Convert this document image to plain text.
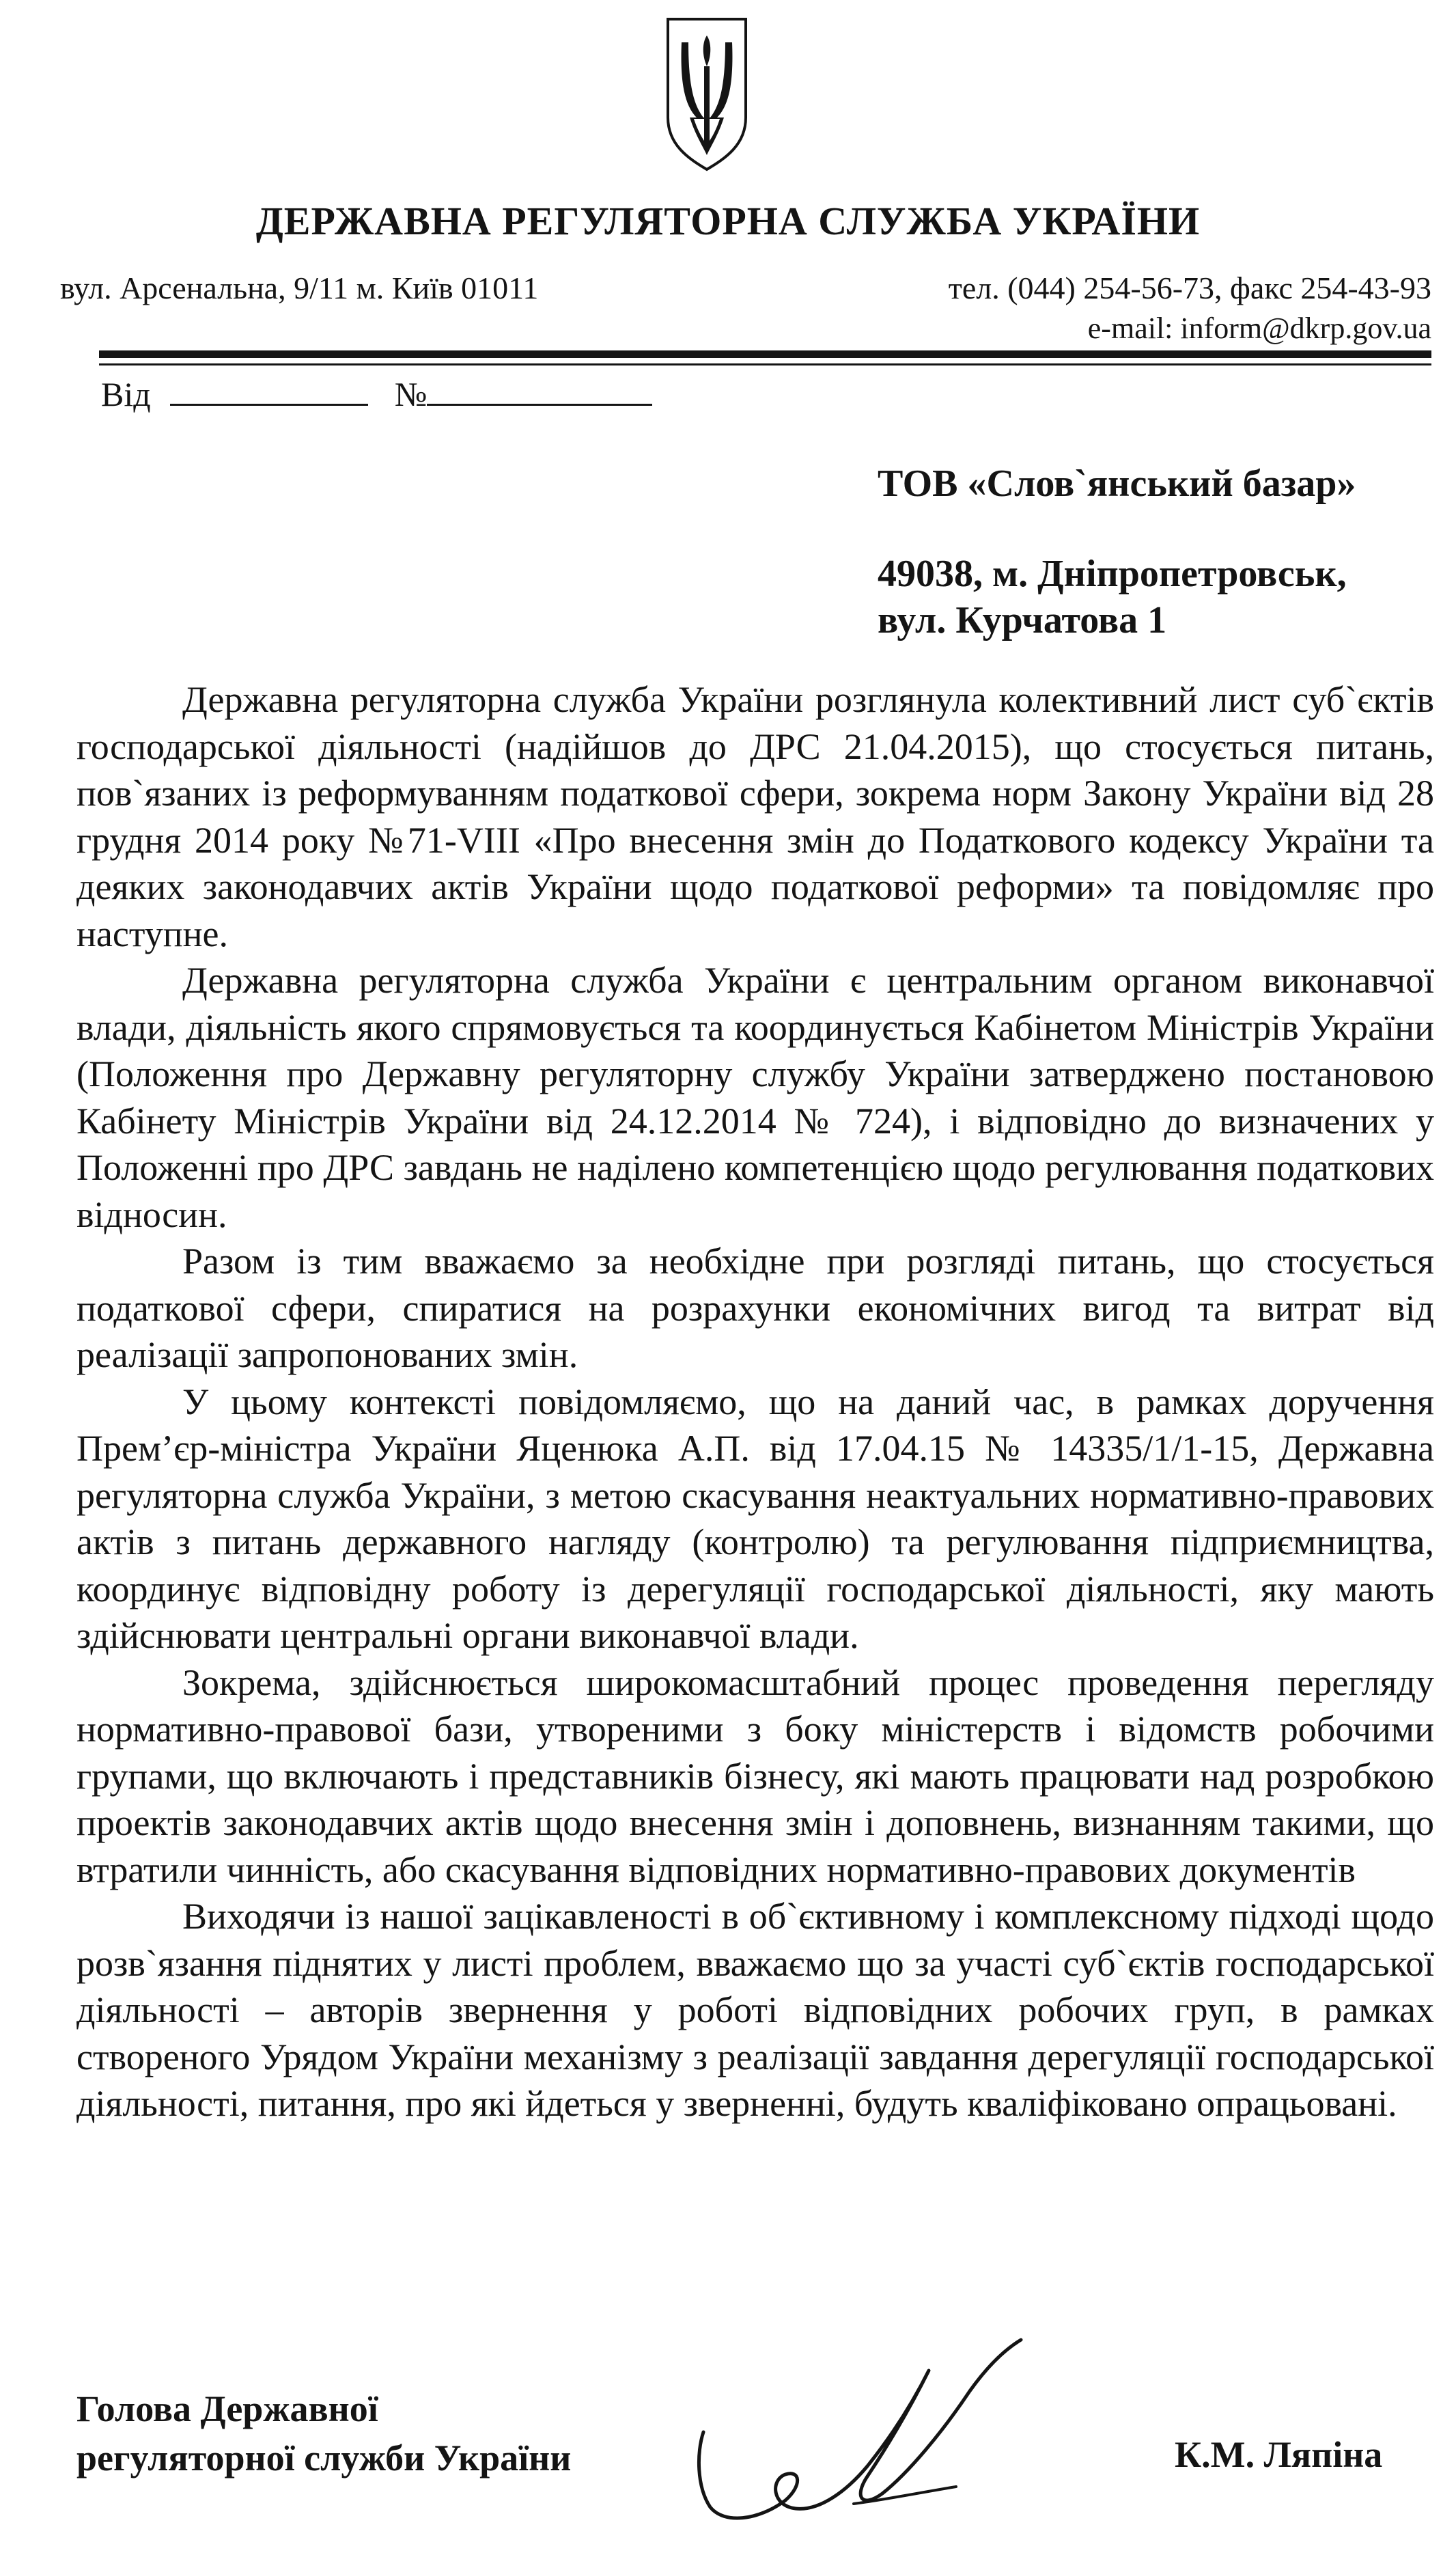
ДЕРЖАВНА РЕГУЛЯТОРНА СЛУЖБА УКРАЇНИ
вул. Арсенальна, 9/11 м. Київ 01011	тел. (044) 254-56-73, факс 254-43-93
e-mail: inform@dkrp.gov.ua
Від	№
ТОВ «Слов`янський базар»
49038, м. Дніпропетровськ,
вул. Курчатова 1

Державна регуляторна служба України розглянула колективний лист суб`єктів господарської діяльності (надійшов до ДРС 21.04.2015), що стосується питань, пов`язаних із реформуванням податкової сфери, зокрема норм Закону України від 28 грудня 2014 року №71-VIII «Про внесення змін до Податкового кодексу України та деяких законодавчих актів України щодо податкової реформи» та повідомляє про наступне.

Державна регуляторна служба України є центральним органом виконавчої влади, діяльність якого спрямовується та координується Кабінетом Міністрів України (Положення про Державну регуляторну службу України затверджено постановою Кабінету Міністрів України від 24.12.2014 № 724), і відповідно до визначених у Положенні про ДРС завдань не наділено компетенцією щодо регулювання податкових відносин.

Разом із тим вважаємо за необхідне при розгляді питань, що стосується податкової сфери, спиратися на розрахунки економічних вигод та витрат від реалізації запропонованих змін.

У цьому контексті повідомляємо, що на даний час, в рамках доручення Прем’єр-міністра України Яценюка А.П. від 17.04.15 № 14335/1/1-15, Державна регуляторна служба України, з метою скасування неактуальних нормативно-правових актів з питань державного нагляду (контролю) та регулювання підприємництва, координує відповідну роботу із дерегуляції господарської діяльності, яку мають здійснювати центральні органи виконавчої влади.

Зокрема, здійснюється широкомасштабний процес проведення перегляду нормативно-правової бази, утвореними з боку міністерств і відомств робочими групами, що включають і представників бізнесу, які мають працювати над розробкою проектів законодавчих актів щодо внесення змін і доповнень, визнанням такими, що втратили чинність, або скасування відповідних нормативно-правових документів

Виходячи із нашої зацікавленості в об`єктивному і комплексному підході щодо розв`язання піднятих у листі проблем, вважаємо що за участі суб`єктів господарської діяльності – авторів звернення у роботі відповідних робочих груп, в рамках створеного Урядом України механізму з реалізації завдання дерегуляції господарської діяльності, питання, про які йдеться у зверненні, будуть кваліфіковано опрацьовані.

Голова Державної
регуляторної служби України	К.М. Ляпіна
